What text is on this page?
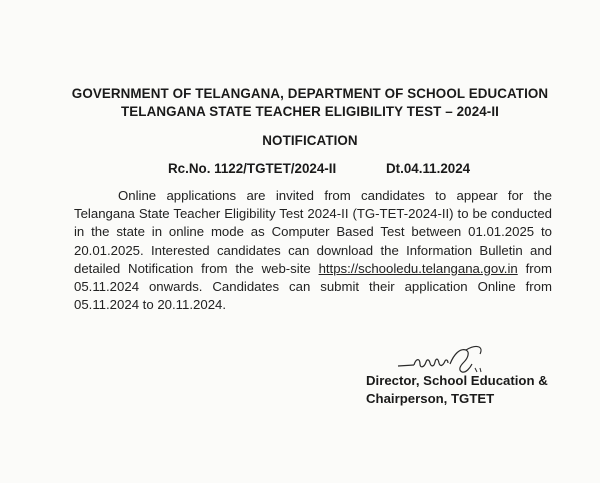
GOVERNMENT OF TELANGANA, DEPARTMENT OF SCHOOL EDUCATION
TELANGANA STATE TEACHER ELIGIBILITY TEST – 2024-II
NOTIFICATION
Rc.No. 1122/TGTET/2024-II	Dt.04.11.2024

Online applications are invited from candidates to appear for the Telangana State Teacher Eligibility Test 2024-II (TG-TET-2024-II) to be conducted in the state in online mode as Computer Based Test between 01.01.2025 to 20.01.2025. Interested candidates can download the Information Bulletin and detailed Notification from the web-site https://schooledu.telangana.gov.in from 05.11.2024 onwards. Candidates can submit their application Online from 05.11.2024 to 20.11.2024.

Director, School Education &
Chairperson, TGTET
